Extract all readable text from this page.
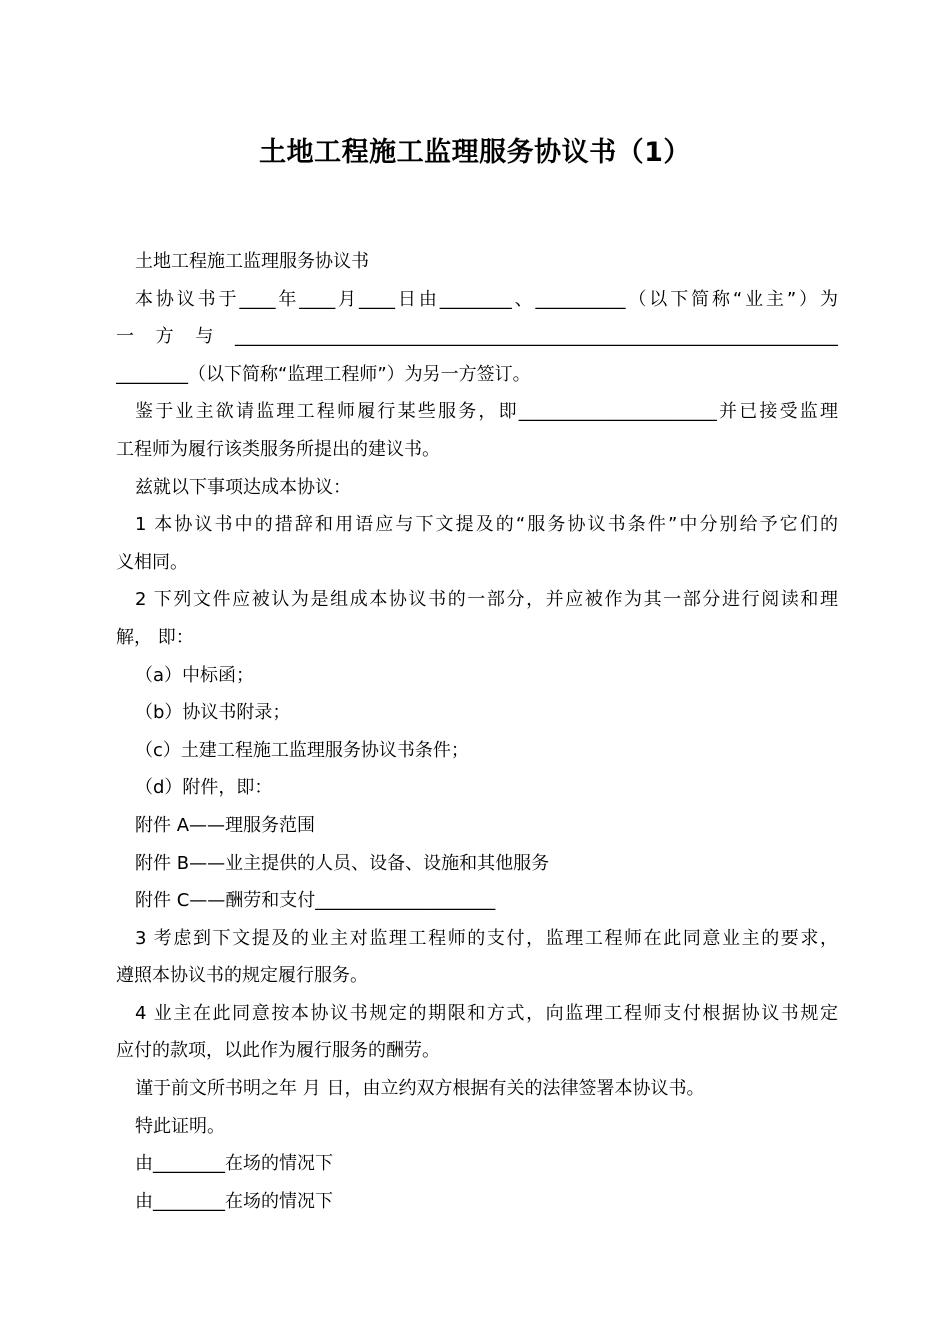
土地工程施工监理服务协议书（1）

土地工程施工监理服务协议书

本协议书于____年____月____日由________、__________（以下简称“业主”）为

一方与___________________________________________________________________

________（以下简称“监理工程师”）为另一方签订。

鉴于业主欲请监理工程师履行某些服务，即______________________并已接受监理

工程师为履行该类服务所提出的建议书。

兹就以下事项达成本协议：

1 本协议书中的措辞和用语应与下文提及的“服务协议书条件”中分别给予它们的

义相同。

2 下列文件应被认为是组成本协议书的一部分，并应被作为其一部分进行阅读和理

解， 即：

（a）中标函；

（b）协议书附录；

（c）土建工程施工监理服务协议书条件；

（d）附件，即：

附件 A——理服务范围

附件 B——业主提供的人员、设备、设施和其他服务

附件 C——酬劳和支付____________________

3 考虑到下文提及的业主对监理工程师的支付，监理工程师在此同意业主的要求，

遵照本协议书的规定履行服务。

4 业主在此同意按本协议书规定的期限和方式，向监理工程师支付根据协议书规定

应付的款项，以此作为履行服务的酬劳。

谨于前文所书明之年 月 日，由立约双方根据有关的法律签署本协议书。

特此证明。

由________在场的情况下

由________在场的情况下
